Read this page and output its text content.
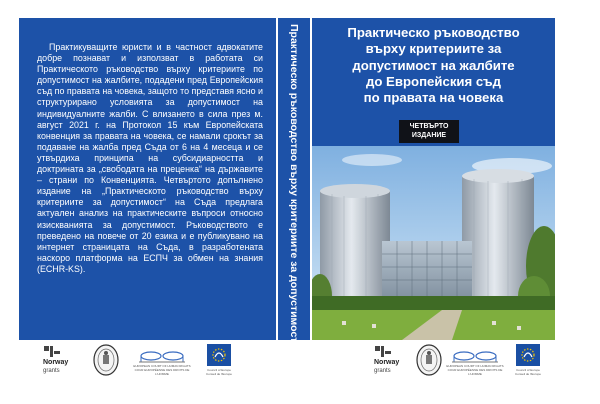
Практикуващите юристи и в частност адвокатите добре познават и използват в работата си Практическото ръководство върху критериите по допустимост на жалбите, подадени пред Европейския съд по правата на човека, защото то представя ясно и структурирано условията за допустимост на индивидуалните жалби. С влизането в сила през м. август 2021 г. на Протокол 15 към Европейската конвенция за правата на човека, се намали срокът за подаване на жалба пред Съда от 6 на 4 месеца и се утвърдиха принципа на субсидиарността и доктрината за „свободата на преценка“ на държавите – страни по Конвенцията. Четвъртото допълнено издание на „Практическото ръководство върху критериите за допустимост“ на Съда предлага актуален анализ на практическите въпроси относно изискванията за допустимост. Ръководството е преведено на повече от 20 езика и е публикувано на интернет страницата на Съда, в разработената наскоро платформа на ЕСПЧ за обмен на знания (ECHR-KS).	Практическо ръководство върху критериите за допустимост на жалбите	Практическо ръководство
върху критериите за
допустимост на жалбите
до Европейския съд
по правата на човека
ЧЕТВЪРТО
ИЗДАНИЕ
Norway
grants
EUROPEAN COURT OF HUMAN RIGHTS
COUR EUROPÉENNE DES DROITS DE L'HOMME
Council of Europe
Conseil de l'Europe
Norway
grants
EUROPEAN COURT OF HUMAN RIGHTS
COUR EUROPÉENNE DES DROITS DE L'HOMME
Council of Europe
Conseil de l'Europe
